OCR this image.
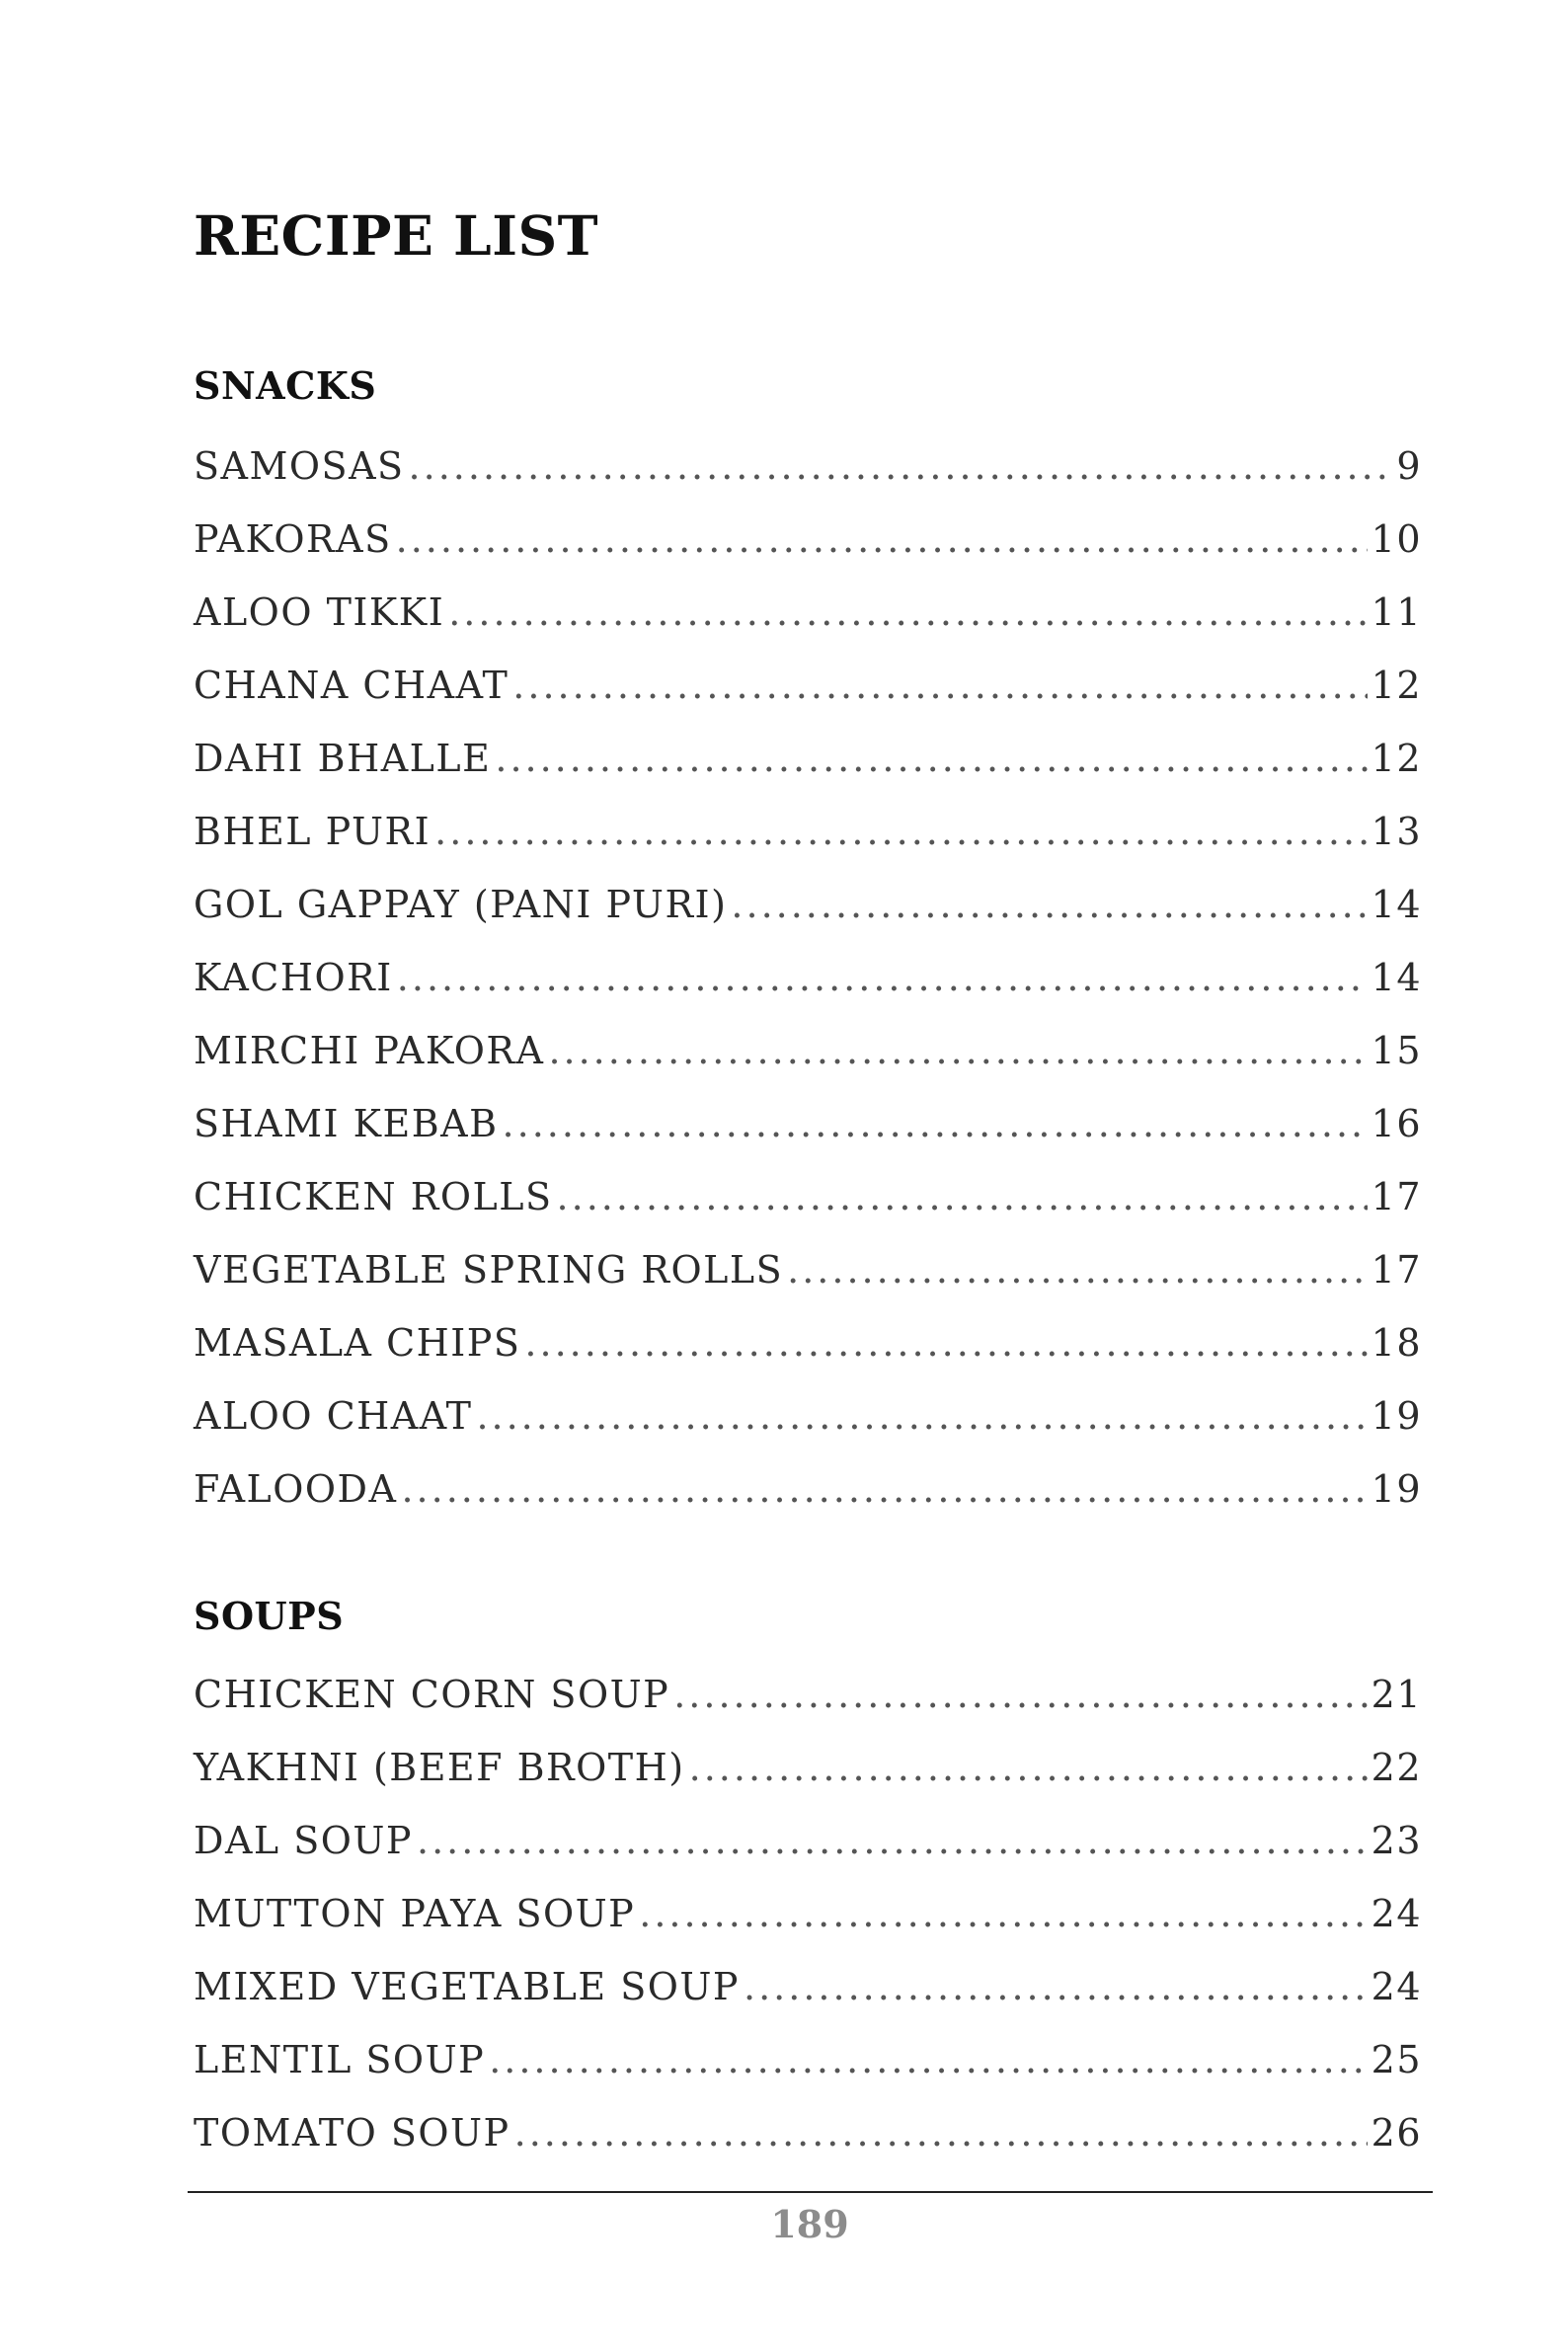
RECIPE LIST
SNACKS
SAMOSAS .....	9
PAKORAS .....	10
ALOO TIKKI .....	11
CHANA CHAAT .....	12
DAHI BHALLE .....	12
BHEL PURI .....	13
GOL GAPPAY (PANI PURI) .....	14
KACHORI .....	14
MIRCHI PAKORA .....	15
SHAMI KEBAB .....	16
CHICKEN ROLLS .....	17
VEGETABLE SPRING ROLLS .....	17
MASALA CHIPS .....	18
ALOO CHAAT .....	19
FALOODA .....	19
SOUPS
CHICKEN CORN SOUP .....	21
YAKHNI (BEEF BROTH) .....	22
DAL SOUP .....	23
MUTTON PAYA SOUP .....	24
MIXED VEGETABLE SOUP .....	24
LENTIL SOUP .....	25
TOMATO SOUP .....	26
189
